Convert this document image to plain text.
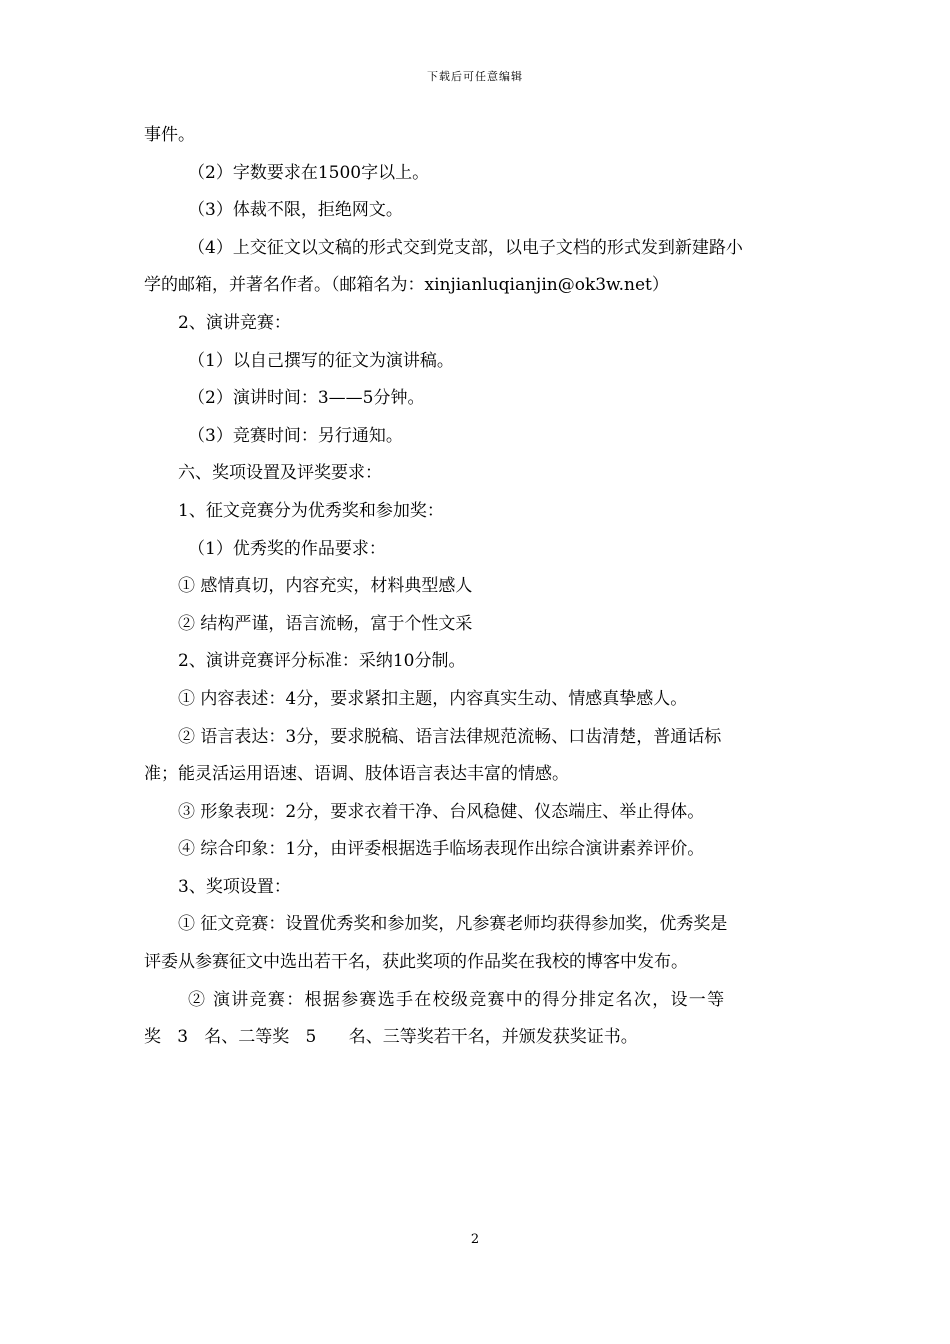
下载后可任意编辑

事件。

（2）字数要求在1500字以上。

（3）体裁不限，拒绝网文。

（4）上交征文以文稿的形式交到党支部，以电子文档的形式发到新建路小

学的邮箱，并著名作者。（邮箱名为：xinjianluqianjin@ok3w.net）

2、演讲竞赛：

（1）以自己撰写的征文为演讲稿。

（2）演讲时间：3——5分钟。

（3）竞赛时间：另行通知。

六、奖项设置及评奖要求：

1、征文竞赛分为优秀奖和参加奖：

（1）优秀奖的作品要求：

① 感情真切，内容充实，材料典型感人

② 结构严谨，语言流畅，富于个性文采

2、演讲竞赛评分标准：采纳10分制。

① 内容表述：4分，要求紧扣主题，内容真实生动、情感真挚感人。

② 语言表达：3分，要求脱稿、语言法律规范流畅、口齿清楚，普通话标

准；能灵活运用语速、语调、肢体语言表达丰富的情感。

③ 形象表现：2分，要求衣着干净、台风稳健、仪态端庄、举止得体。

④ 综合印象：1分，由评委根据选手临场表现作出综合演讲素养评价。

3、奖项设置：

① 征文竞赛：设置优秀奖和参加奖，凡参赛老师均获得参加奖，优秀奖是

评委从参赛征文中选出若干名，获此奖项的作品奖在我校的博客中发布。

② 演讲竞赛：根据参赛选手在校级竞赛中的得分排定名次，设一等

奖   3   名、二等奖   5      名、三等奖若干名，并颁发获奖证书。

2
